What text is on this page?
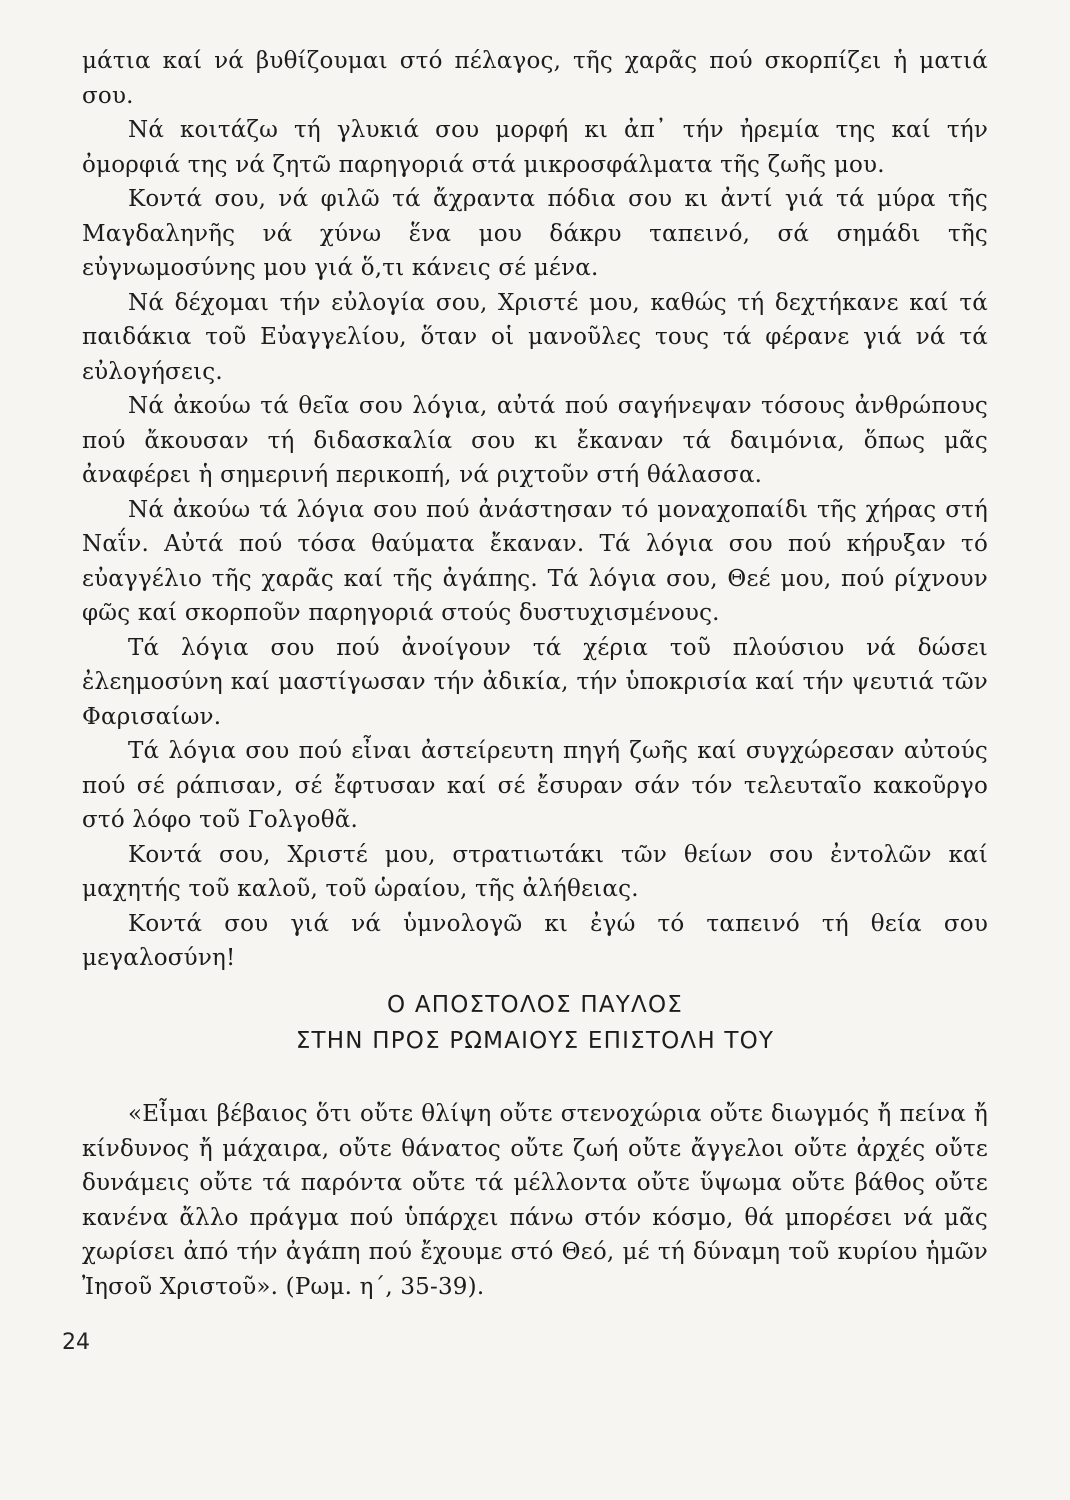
μάτια καί νά βυθίζουμαι στό πέλαγος, τῆς χαρᾶς πού σκορπίζει ἡ ματιά σου.

Νά κοιτάζω τή γλυκιά σου μορφή κι ἀπ᾽ τήν ἠρεμία της καί τήν ὀμορφιά της νά ζητῶ παρηγοριά στά μικροσφάλματα τῆς ζωῆς μου.

Κοντά σου, νά φιλῶ τά ἄχραντα πόδια σου κι ἀντί γιά τά μύρα τῆς Μαγδαληνῆς νά χύνω ἕνα μου δάκρυ ταπεινό, σά σημάδι τῆς εὐγνωμοσύνης μου γιά ὅ,τι κάνεις σέ μένα.

Νά δέχομαι τήν εὐλογία σου, Χριστέ μου, καθώς τή δεχτήκανε καί τά παιδάκια τοῦ Εὐαγγελίου, ὅταν οἱ μανοῦλες τους τά φέρανε γιά νά τά εὐλογήσεις.

Νά ἀκούω τά θεῖα σου λόγια, αὐτά πού σαγήνεψαν τόσους ἀνθρώπους πού ἄκουσαν τή διδασκαλία σου κι ἔκαναν τά δαιμόνια, ὅπως μᾶς ἀναφέρει ἡ σημερινή περικοπή, νά ριχτοῦν στή θάλασσα.

Νά ἀκούω τά λόγια σου πού ἀνάστησαν τό μοναχοπαίδι τῆς χήρας στή Ναΐν. Αὐτά πού τόσα θαύματα ἔκαναν. Τά λόγια σου πού κήρυξαν τό εὐαγγέλιο τῆς χαρᾶς καί τῆς ἀγάπης. Τά λόγια σου, Θεέ μου, πού ρίχνουν φῶς καί σκορποῦν παρηγοριά στούς δυστυχισμένους.

Τά λόγια σου πού ἀνοίγουν τά χέρια τοῦ πλούσιου νά δώσει ἐλεημοσύνη καί μαστίγωσαν τήν ἀδικία, τήν ὑποκρισία καί τήν ψευτιά τῶν Φαρισαίων.

Τά λόγια σου πού εἶναι ἀστείρευτη πηγή ζωῆς καί συγχώρεσαν αὐτούς πού σέ ράπισαν, σέ ἔφτυσαν καί σέ ἔσυραν σάν τόν τελευταῖο κακοῦργο στό λόφο τοῦ Γολγοθᾶ.

Κοντά σου, Χριστέ μου, στρατιωτάκι τῶν θείων σου ἐντολῶν καί μαχητής τοῦ καλοῦ, τοῦ ὡραίου, τῆς ἀλήθειας.

Κοντά σου γιά νά ὑμνολογῶ κι ἐγώ τό ταπεινό τή θεία σου μεγαλοσύνη!

Ο ΑΠΟΣΤΟΛΟΣ ΠΑΥΛΟΣ
ΣΤΗΝ ΠΡΟΣ ΡΩΜΑΙΟΥΣ ΕΠΙΣΤΟΛΗ ΤΟΥ

«Εἶμαι βέβαιος ὅτι οὔτε θλίψη οὔτε στενοχώρια οὔτε διωγμός ἤ πείνα ἤ κίνδυνος ἤ μάχαιρα, οὔτε θάνατος οὔτε ζωή οὔτε ἄγγελοι οὔτε ἀρχές οὔτε δυνάμεις οὔτε τά παρόντα οὔτε τά μέλλοντα οὔτε ὕψωμα οὔτε βάθος οὔτε κανένα ἄλλο πράγμα πού ὑπάρχει πάνω στόν κόσμο, θά μπορέσει νά μᾶς χωρίσει ἀπό τήν ἀγάπη πού ἔχουμε στό Θεό, μέ τή δύναμη τοῦ κυρίου ἡμῶν Ἰησοῦ Χριστοῦ». (Ρωμ. η΄, 35-39).

24
